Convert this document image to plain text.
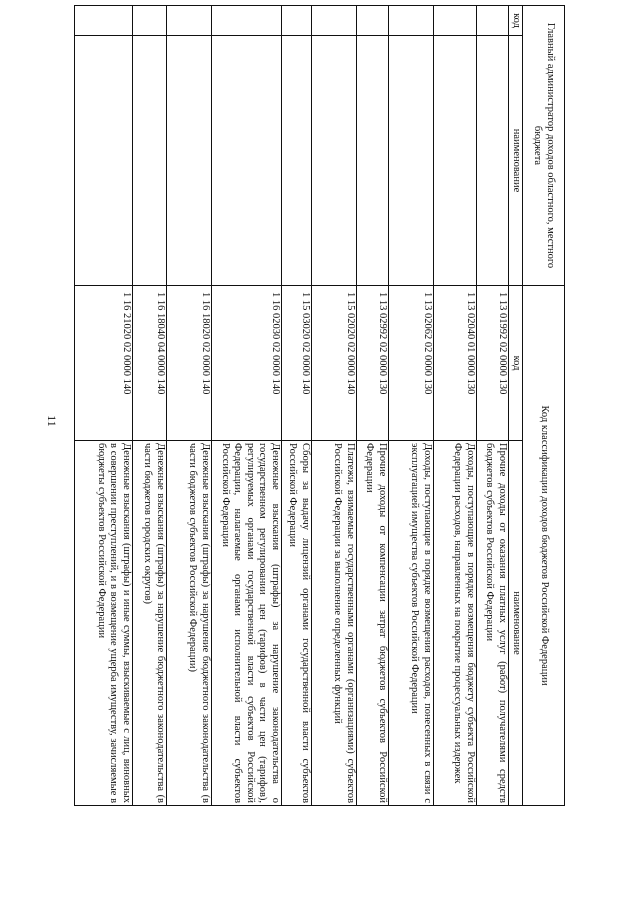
11
Главный администратор доходов областного, местного бюджета		Код классификации доходов бюджетов Российской Федерации	
код	наименование	код	наименование
		1 13 01992 02 0000 130	Прочие доходы от оказания платных услуг (работ) получателями средств бюджетов субъектов Российской Федерации
		1 13 02040 01 0000 130	Доходы, поступающие в порядке возмещения бюджету субъекта Российской Федерации расходов, направленных на покрытие процессуальных издержек
		1 13 02062 02 0000 130	Доходы, поступающие в порядке возмещения расходов, понесенных в связи с эксплуатацией имущества субъектов Российской Федерации
		1 13 02992 02 0000 130	Прочие доходы от компенсации затрат бюджетов субъектов Российской Федерации
		1 15 02020 02 0000 140	Платежи, взимаемые государственными органами (организациями) субъектов Российской Федерации за выполнение определенных функций
		1 15 03020 02 0000 140	Сборы за выдачу лицензий органами государственной власти субъектов Российской Федерации
		1 16 02030 02 0000 140	Денежные взыскания (штрафы) за нарушение законодательства о государственном регулировании цен (тарифов) в части цен (тарифов), регулируемых органами государственной власти субъектов Российской Федерации, налагаемые органами исполнительной власти субъектов Российской Федерации
		1 16 18020 02 0000 140	Денежные взыскания (штрафы) за нарушение бюджетного законодательства (в части бюджетов субъектов Российской Федерации)
		1 16 18040 04 0000 140	Денежные взыскания (штрафы) за нарушение бюджетного законодательства (в части бюджетов городских округов)
		1 16 21020 02 0000 140	Денежные взыскания (штрафы) и иные суммы, взыскиваемые с лиц, виновных в совершении преступлений, и в возмещение ущерба имуществу, зачисляемые в бюджеты субъектов Российской Федерации
